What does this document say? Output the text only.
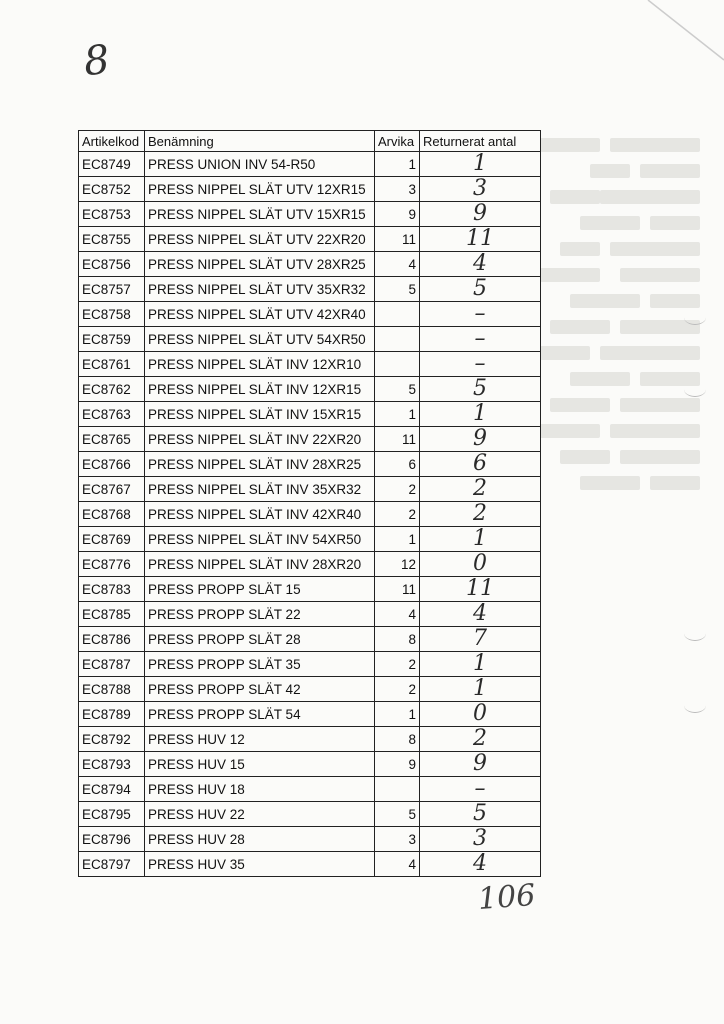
8
Artikelkod	Benämning	Arvika	Returnerat antal
EC8749	PRESS UNION INV 54-R50	1	1
EC8752	PRESS NIPPEL SLÄT UTV 12XR15	3	3
EC8753	PRESS NIPPEL SLÄT UTV 15XR15	9	9
EC8755	PRESS NIPPEL SLÄT UTV 22XR20	11	11
EC8756	PRESS NIPPEL SLÄT UTV 28XR25	4	4
EC8757	PRESS NIPPEL SLÄT UTV 35XR32	5	5
EC8758	PRESS NIPPEL SLÄT UTV 42XR40		–
EC8759	PRESS NIPPEL SLÄT UTV 54XR50		–
EC8761	PRESS NIPPEL SLÄT INV 12XR10		–
EC8762	PRESS NIPPEL SLÄT INV 12XR15	5	5
EC8763	PRESS NIPPEL SLÄT INV 15XR15	1	1
EC8765	PRESS NIPPEL SLÄT INV 22XR20	11	9
EC8766	PRESS NIPPEL SLÄT INV 28XR25	6	6
EC8767	PRESS NIPPEL SLÄT INV 35XR32	2	2
EC8768	PRESS NIPPEL SLÄT INV 42XR40	2	2
EC8769	PRESS NIPPEL SLÄT INV 54XR50	1	1
EC8776	PRESS NIPPEL SLÄT INV 28XR20	12	0
EC8783	PRESS PROPP SLÄT 15	11	11
EC8785	PRESS PROPP SLÄT 22	4	4
EC8786	PRESS PROPP SLÄT 28	8	7
EC8787	PRESS PROPP SLÄT 35	2	1
EC8788	PRESS PROPP SLÄT 42	2	1
EC8789	PRESS PROPP SLÄT 54	1	0
EC8792	PRESS HUV 12	8	2
EC8793	PRESS HUV 15	9	9
EC8794	PRESS HUV 18		–
EC8795	PRESS HUV 22	5	5
EC8796	PRESS HUV 28	3	3
EC8797	PRESS HUV 35	4	4
106
